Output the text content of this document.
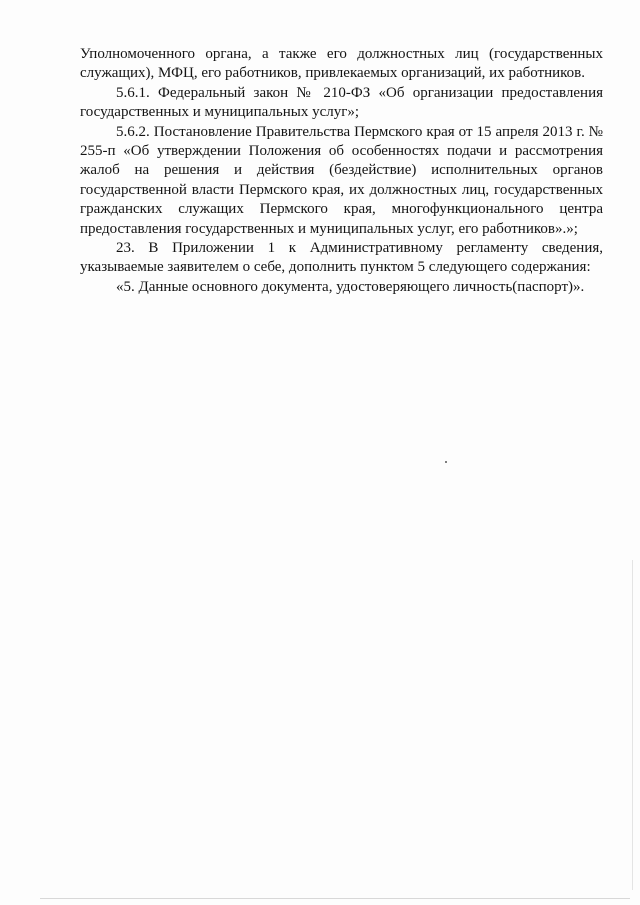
Уполномоченного органа, а также его должностных лиц (государственных служащих), МФЦ, его работников, привлекаемых организаций, их работников.

5.6.1. Федеральный закон № 210-ФЗ «Об организации предоставления государственных и муниципальных услуг»;

5.6.2. Постановление Правительства Пермского края от 15 апреля 2013 г. № 255-п «Об утверждении Положения об особенностях подачи и рассмотрения жалоб на решения и действия (бездействие) исполнительных органов государственной власти Пермского края, их должностных лиц, государственных гражданских служащих Пермского края, многофункционального центра предоставления государственных и муниципальных услуг, его работников».»;

23. В Приложении 1 к Административному регламенту сведения, указываемые заявителем о себе, дополнить пунктом 5 следующего содержания:

«5. Данные основного документа, удостоверяющего личность(паспорт)».
